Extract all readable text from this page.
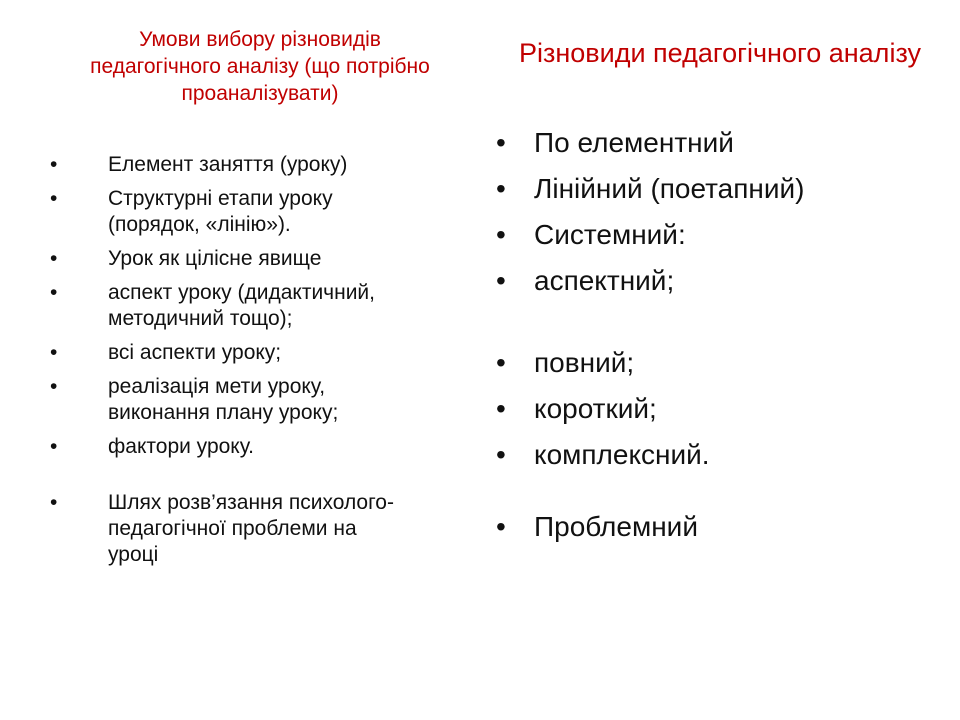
Умови вибору різновидів
педагогічного аналізу (що потрібно
проаналізувати)
Різновиди педагогічного аналізу
•	Елемент заняття (уроку)
•	Структурні етапи уроку
(порядок, «лінію»).
•	Урок як цілісне явище
•	аспект уроку (дидактичний,
методичний тощо);
•	всі аспекти уроку;
•	реалізація мети уроку,
виконання плану уроку;
•	фактори уроку.
•	Шлях розв’язання психолого-
педагогічної проблеми на
уроці
•	По елементний
•	Лінійний (поетапний)
•	Системний:
•	аспектний;
•	повний;
•	короткий;
•	комплексний.
•	Проблемний
